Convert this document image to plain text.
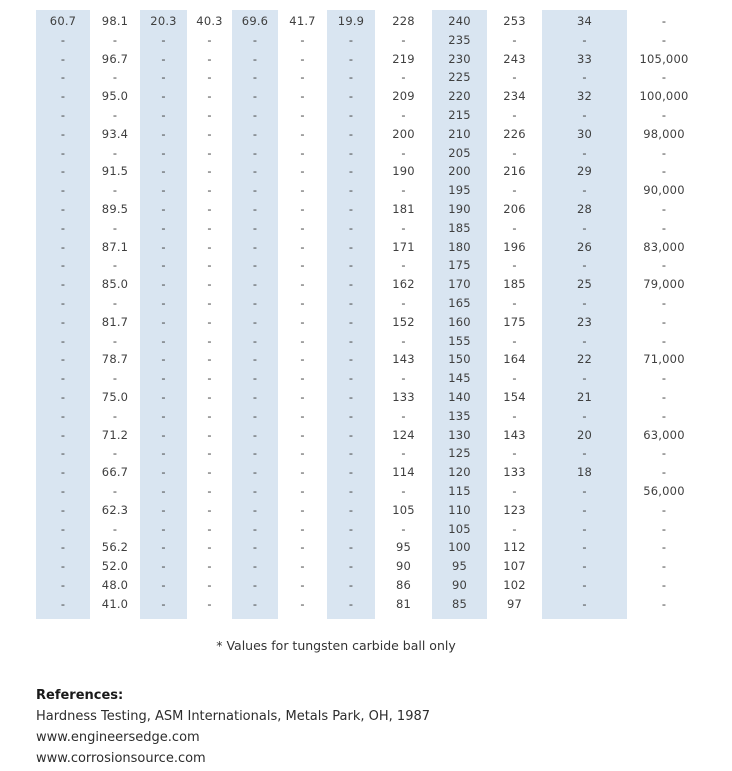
60.7
-
-
-
-
-
-
-
-
-
-
-
-
-
-
-
-
-
-
-
-
-
-
-
-
-
-
-
-
-
-
-
98.1
-
96.7
-
95.0
-
93.4
-
91.5
-
89.5
-
87.1
-
85.0
-
81.7
-
78.7
-
75.0
-
71.2
-
66.7
-
62.3
-
56.2
52.0
48.0
41.0
20.3
-
-
-
-
-
-
-
-
-
-
-
-
-
-
-
-
-
-
-
-
-
-
-
-
-
-
-
-
-
-
-
40.3
-
-
-
-
-
-
-
-
-
-
-
-
-
-
-
-
-
-
-
-
-
-
-
-
-
-
-
-
-
-
-
69.6
-
-
-
-
-
-
-
-
-
-
-
-
-
-
-
-
-
-
-
-
-
-
-
-
-
-
-
-
-
-
-
41.7
-
-
-
-
-
-
-
-
-
-
-
-
-
-
-
-
-
-
-
-
-
-
-
-
-
-
-
-
-
-
-
19.9
-
-
-
-
-
-
-
-
-
-
-
-
-
-
-
-
-
-
-
-
-
-
-
-
-
-
-
-
-
-
-
228
-
219
-
209
-
200
-
190
-
181
-
171
-
162
-
152
-
143
-
133
-
124
-
114
-
105
-
95
90
86
81
240
235
230
225
220
215
210
205
200
195
190
185
180
175
170
165
160
155
150
145
140
135
130
125
120
115
110
105
100
95
90
85
253
-
243
-
234
-
226
-
216
-
206
-
196
-
185
-
175
-
164
-
154
-
143
-
133
-
123
-
112
107
102
97
34
-
33
-
32
-
30
-
29
-
28
-
26
-
25
-
23
-
22
-
21
-
20
-
18
-
-
-
-
-
-
-
-
-
105,000
-
100,000
-
98,000
-
-
90,000
-
-
83,000
-
79,000
-
-
-
71,000
-
-
-
63,000
-
-
56,000
-
-
-
-
-
-
* Values for tungsten carbide ball only
References:
Hardness Testing, ASM Internationals, Metals Park, OH, 1987
www.engineersedge.com
www.corrosionsource.com
